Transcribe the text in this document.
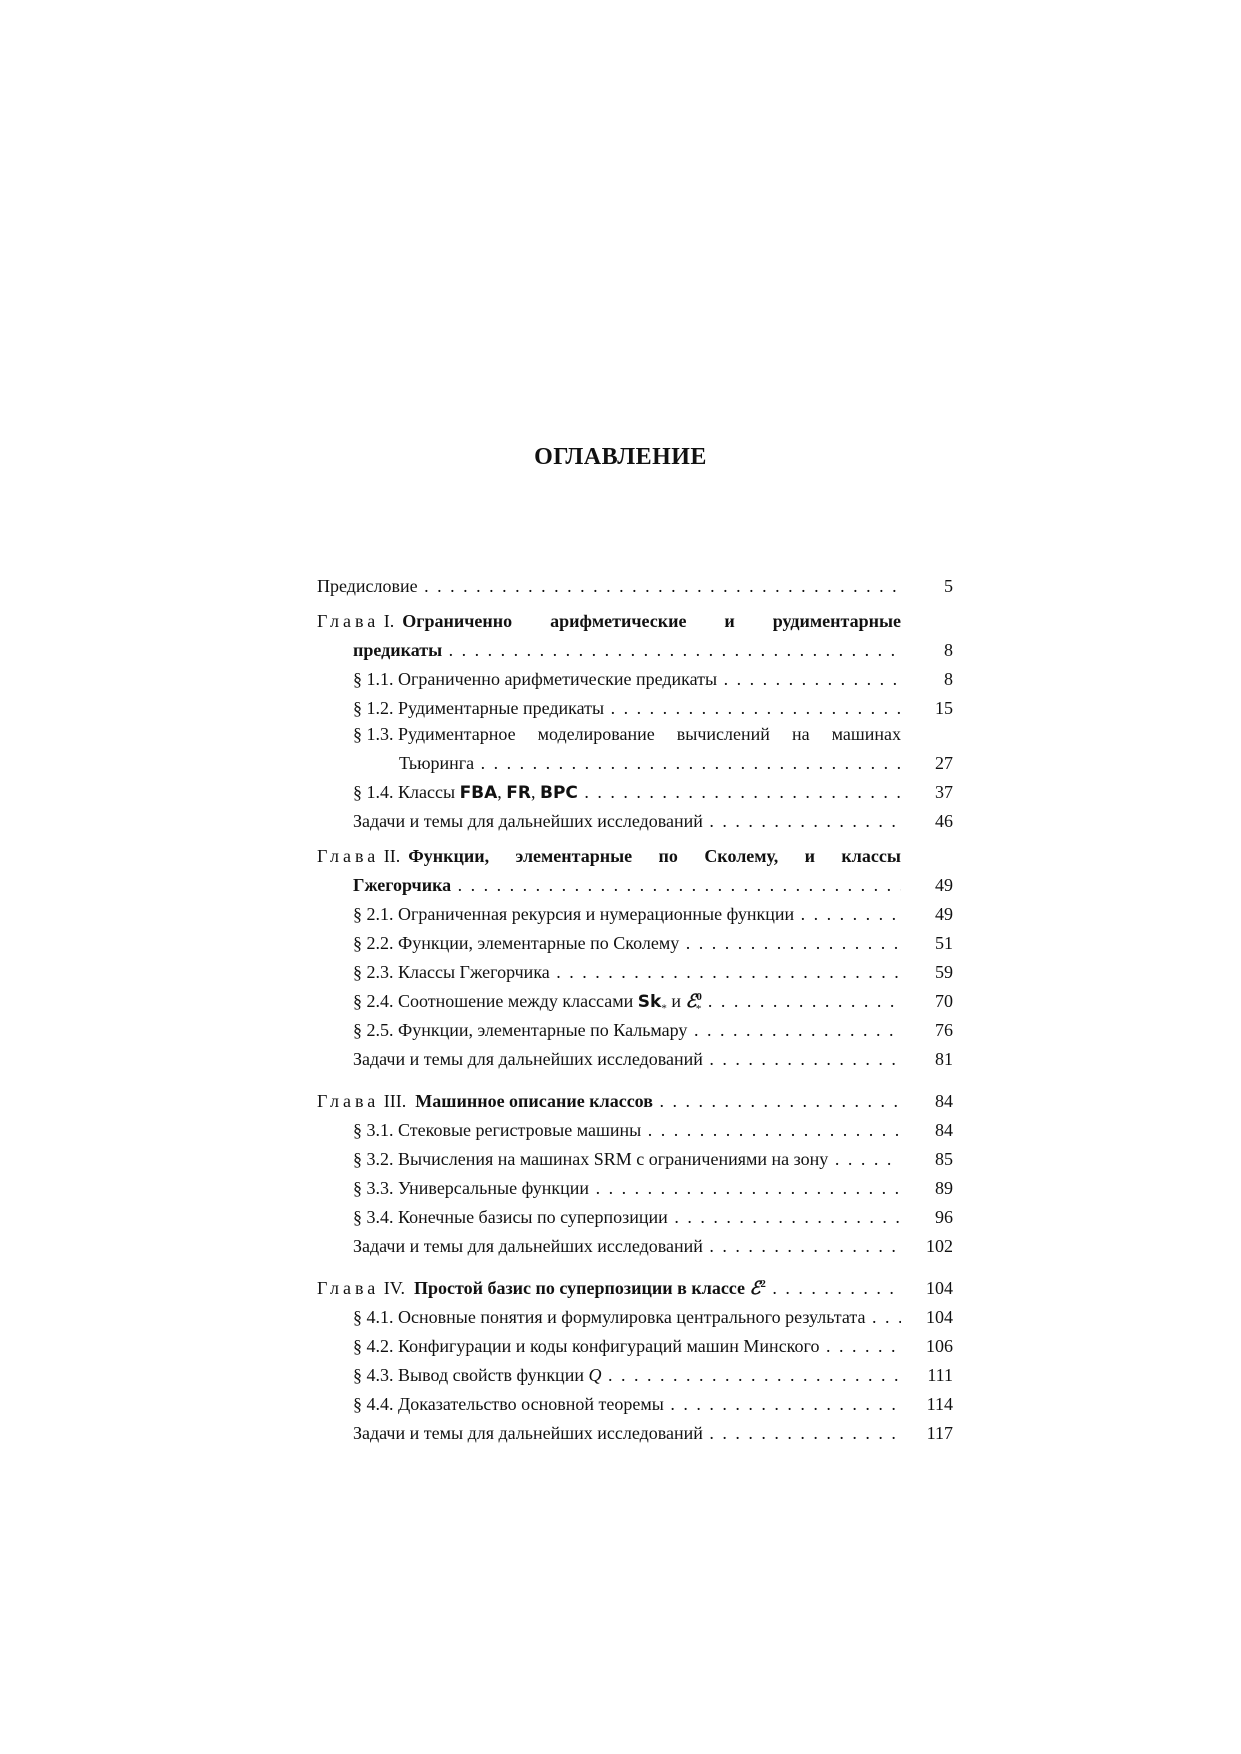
ОГЛАВЛЕНИЕ
Предисловие . . .	5
Глава I. Ограниченно арифметические и рудиментарные
предикаты . . .	8
§ 1.1. Ограниченно арифметические предикаты . . .	8
§ 1.2. Рудиментарные предикаты . . .	15
§ 1.3. Рудиментарное моделирование вычислений на машинах
Тьюринга . . .	27
§ 1.4. Классы FBA, FR, BPC . . .	37
Задачи и темы для дальнейших исследований . . .	46
Глава II. Функции, элементарные по Сколему, и классы
Гжегорчика . . .	49
§ 2.1. Ограниченная рекурсия и нумерационные функции . . .	49
§ 2.2. Функции, элементарные по Сколему . . .	51
§ 2.3. Классы Гжегорчика . . .	59
§ 2.4. Соотношение между классами $Sk_*$ и ℰ$^0_*$ . . .	70
§ 2.5. Функции, элементарные по Кальмару . . .	76
Задачи и темы для дальнейших исследований . . .	81
Глава III. Машинное описание классов . . .	84
§ 3.1. Стековые регистровые машины . . .	84
§ 3.2. Вычисления на машинах SRM с ограничениями на зону . . .	85
§ 3.3. Универсальные функции . . .	89
§ 3.4. Конечные базисы по суперпозиции . . .	96
Задачи и темы для дальнейших исследований . . .	102
Глава IV. Простой базис по суперпозиции в классе ℰ$^2$ . . .	104
§ 4.1. Основные понятия и формулировка центрального результата . . .	104
§ 4.2. Конфигурации и коды конфигураций машин Минского . . .	106
§ 4.3. Вывод свойств функции Q . . .	111
§ 4.4. Доказательство основной теоремы . . .	114
Задачи и темы для дальнейших исследований . . .	117
